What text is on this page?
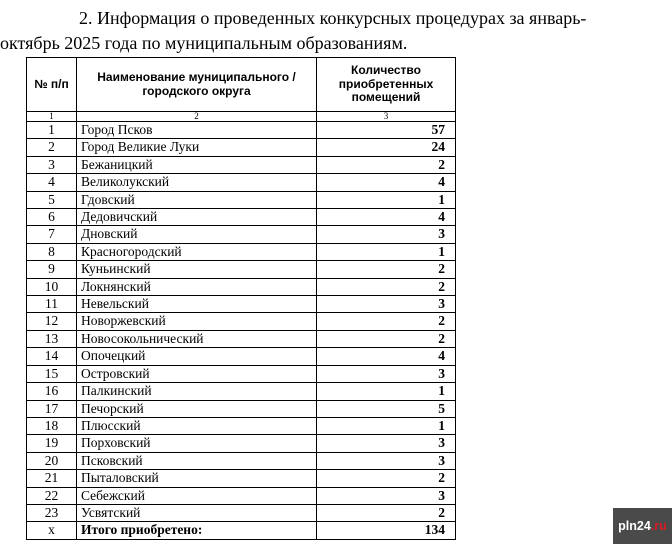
2. Информация о проведенных конкурсных процедурах за январь-
октябрь 2025 года по муниципальным образованиям.
№ п/п	Наименование муниципального / городского округа	Количество приобретенных помещений
1	2	3
1	Город Псков	57
2	Город Великие Луки	24
3	Бежаницкий	2
4	Великолукский	4
5	Гдовский	1
6	Дедовичский	4
7	Дновский	3
8	Красногородский	1
9	Куньинский	2
10	Локнянский	2
11	Невельский	3
12	Новоржевский	2
13	Новосокольнический	2
14	Опочецкий	4
15	Островский	3
16	Палкинский	1
17	Печорский	5
18	Плюсский	1
19	Порховский	3
20	Псковский	3
21	Пыталовский	2
22	Себежский	3
23	Усвятский	2
x	Итого приобретено:	134	pln24.ru
